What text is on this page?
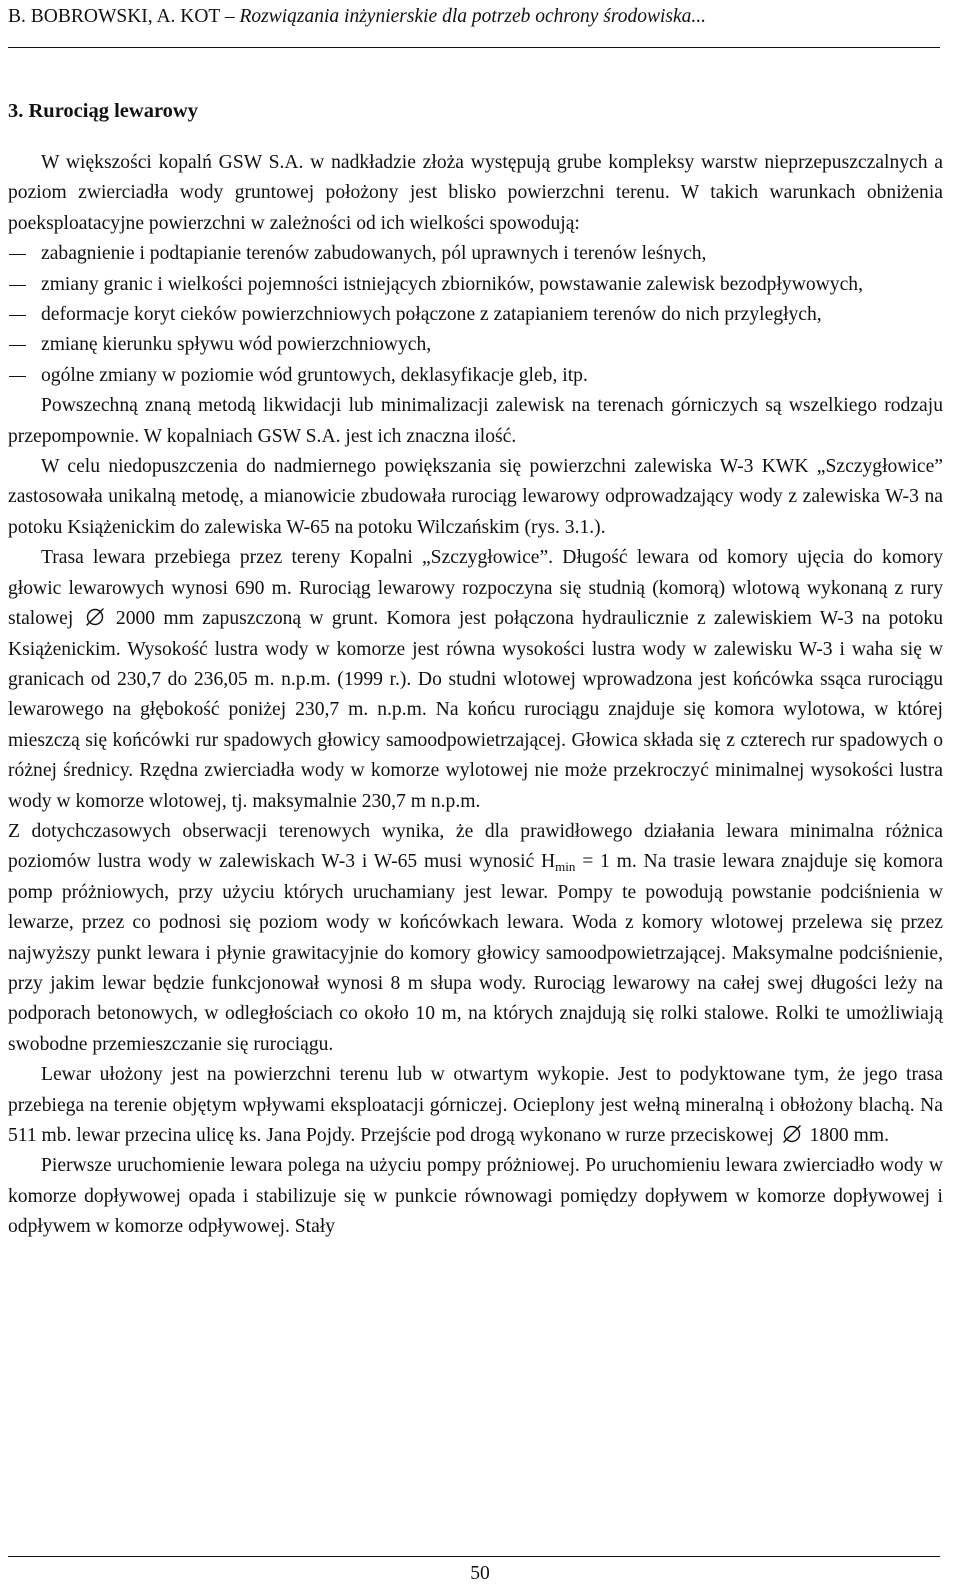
B. BOBROWSKI, A. KOT – Rozwiązania inżynierskie dla potrzeb ochrony środowiska...
3. Rurociąg lewarowy

W większości kopalń GSW S.A. w nadkładzie złoża występują grube kompleksy warstw nieprzepuszczalnych a poziom zwierciadła wody gruntowej położony jest blisko powierzchni terenu. W takich warunkach obniżenia poeksploatacyjne powierzchni w zależności od ich wielkości spowodują:

zabagnienie i podtapianie terenów zabudowanych, pól uprawnych i terenów leśnych,
zmiany granic i wielkości pojemności istniejących zbiorników, powstawanie zalewisk bezodpływowych,
deformacje koryt cieków powierzchniowych połączone z zatapianiem terenów do nich przyległych,
zmianę kierunku spływu wód powierzchniowych,
ogólne zmiany w poziomie wód gruntowych, deklasyfikacje gleb, itp.

Powszechną znaną metodą likwidacji lub minimalizacji zalewisk na terenach górniczych są wszelkiego rodzaju przepompownie. W kopalniach GSW S.A. jest ich znaczna ilość.

W celu niedopuszczenia do nadmiernego powiększania się powierzchni zalewiska W-3 KWK „Szczygłowice” zastosowała unikalną metodę, a mianowicie zbudowała rurociąg lewarowy odprowadzający wody z zalewiska W-3 na potoku Książenickim do zalewiska W-65 na potoku Wilczańskim (rys. 3.1.).

Trasa lewara przebiega przez tereny Kopalni „Szczygłowice”. Długość lewara od komory ujęcia do komory głowic lewarowych wynosi 690 m. Rurociąg lewarowy rozpoczyna się studnią (komorą) wlotową wykonaną z rury stalowej 2000 mm zapuszczoną w grunt. Komora jest połączona hydraulicznie z zalewiskiem W-3 na potoku Książenickim. Wysokość lustra wody w komorze jest równa wysokości lustra wody w zalewisku W-3 i waha się w granicach od 230,7 do 236,05 m. n.p.m. (1999 r.). Do studni wlotowej wprowadzona jest końcówka ssąca rurociągu lewarowego na głębokość poniżej 230,7 m. n.p.m. Na końcu rurociągu znajduje się komora wylotowa, w której mieszczą się końcówki rur spadowych głowicy samoodpowietrzającej. Głowica składa się z czterech rur spadowych o różnej średnicy. Rzędna zwierciadła wody w komorze wylotowej nie może przekroczyć minimalnej wysokości lustra wody w komorze wlotowej, tj. maksymalnie 230,7 m n.p.m.

Z dotychczasowych obserwacji terenowych wynika, że dla prawidłowego działania lewara minimalna różnica poziomów lustra wody w zalewiskach W-3 i W-65 musi wynosić $H_{min} = 1$ m. Na trasie lewara znajduje się komora pomp próżniowych, przy użyciu których uruchamiany jest lewar. Pompy te powodują powstanie podciśnienia w lewarze, przez co podnosi się poziom wody w końcówkach lewara. Woda z komory wlotowej przelewa się przez najwyższy punkt lewara i płynie grawitacyjnie do komory głowicy samoodpowietrzającej. Maksymalne podciśnienie, przy jakim lewar będzie funkcjonował wynosi 8 m słupa wody. Rurociąg lewarowy na całej swej długości leży na podporach betonowych, w odległościach co około 10 m, na których znajdują się rolki stalowe. Rolki te umożliwiają swobodne przemieszczanie się rurociągu.

Lewar ułożony jest na powierzchni terenu lub w otwartym wykopie. Jest to podyktowane tym, że jego trasa przebiega na terenie objętym wpływami eksploatacji górniczej. Ocieplony jest wełną mineralną i obłożony blachą. Na 511 mb. lewar przecina ulicę ks. Jana Pojdy. Przejście pod drogą wykonano w rurze przeciskowej 1800 mm.

Pierwsze uruchomienie lewara polega na użyciu pompy próżniowej. Po uruchomieniu lewara zwierciadło wody w komorze dopływowej opada i stabilizuje się w punkcie równowagi pomiędzy dopływem w komorze dopływowej i odpływem w komorze odpływowej. Stały

50
